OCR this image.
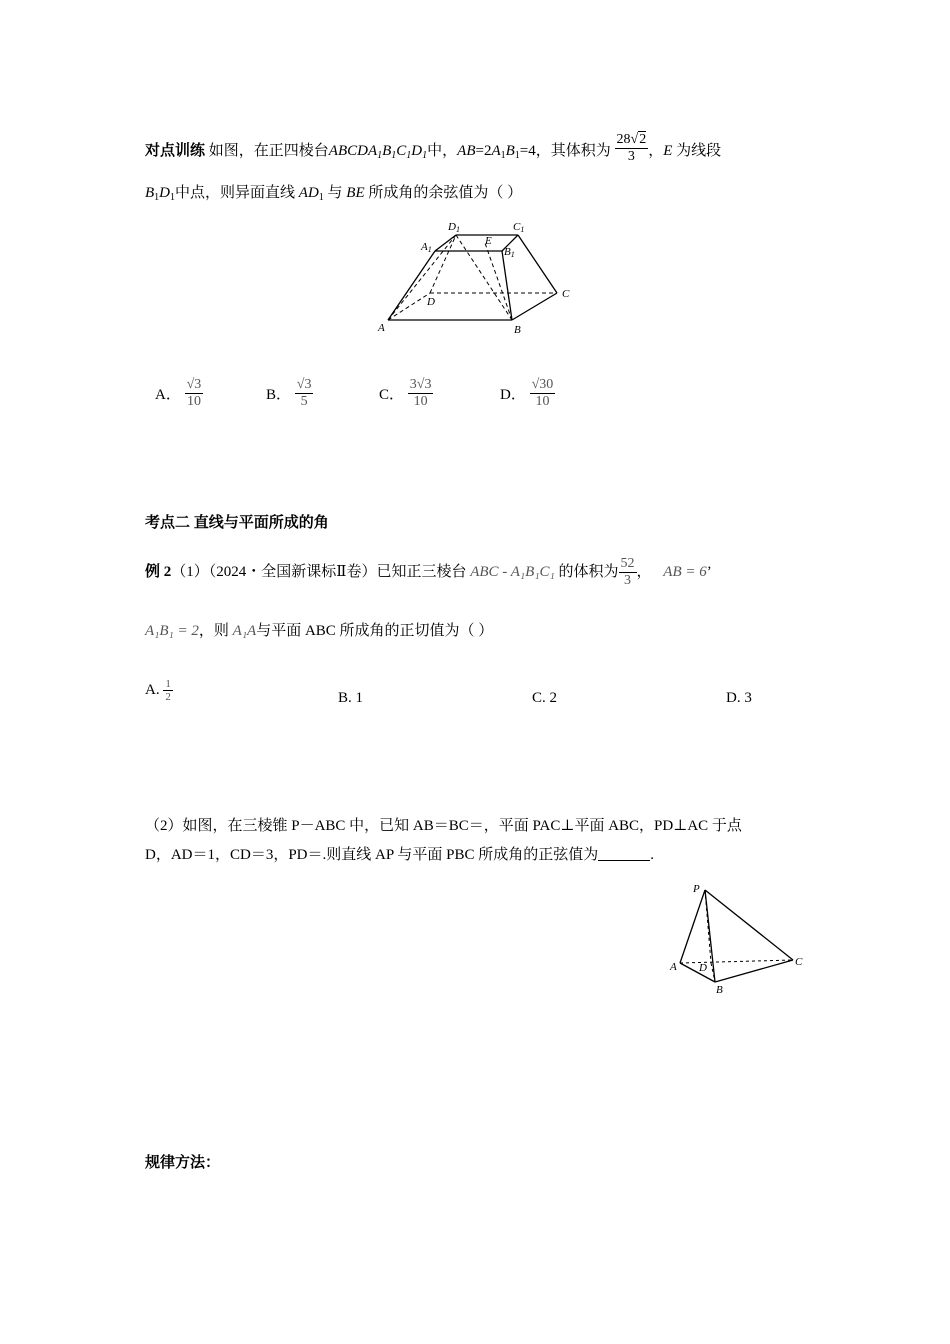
对点训练 如图，在正四棱台$ABCDA_1B_1C_1D_1$中，$AB=2A_1B_1=4$，其体积为 $\frac{28√2}{3}$ ，E 为线段
$B_1D_1$中点，则异面直线 $AD_1$ 与 BE 所成角的余弦值为（ ）
D1	C1
A1
E
B1
D
C
A	B
A． $\frac{√3}{10}$	B． $\frac{√3}{5}$	C． $\frac{3√3}{10}$	D． $\frac{√30}{10}$
考点二 直线与平面所成的角
例 2（1）（2024・全国新课标Ⅱ卷）已知正三棱台 ABC - A₁B₁C₁ 的体积为 $\frac{52}{3}$ ， AB = 6’
A₁B₁ = 2，则 A₁A与平面 ABC 所成角的正切值为（ ）
A. $\frac{1}{2}$	B. 1	C. 2	D. 3
（2）如图，在三棱锥 P－ABC 中，已知 AB＝BC＝，平面 PAC⊥平面 ABC，PD⊥AC 于点
D，AD＝1，CD＝3，PD＝.则直线 AP 与平面 PBC 所成角的正弦值为	.
P
A D	C
B
规律方法：
